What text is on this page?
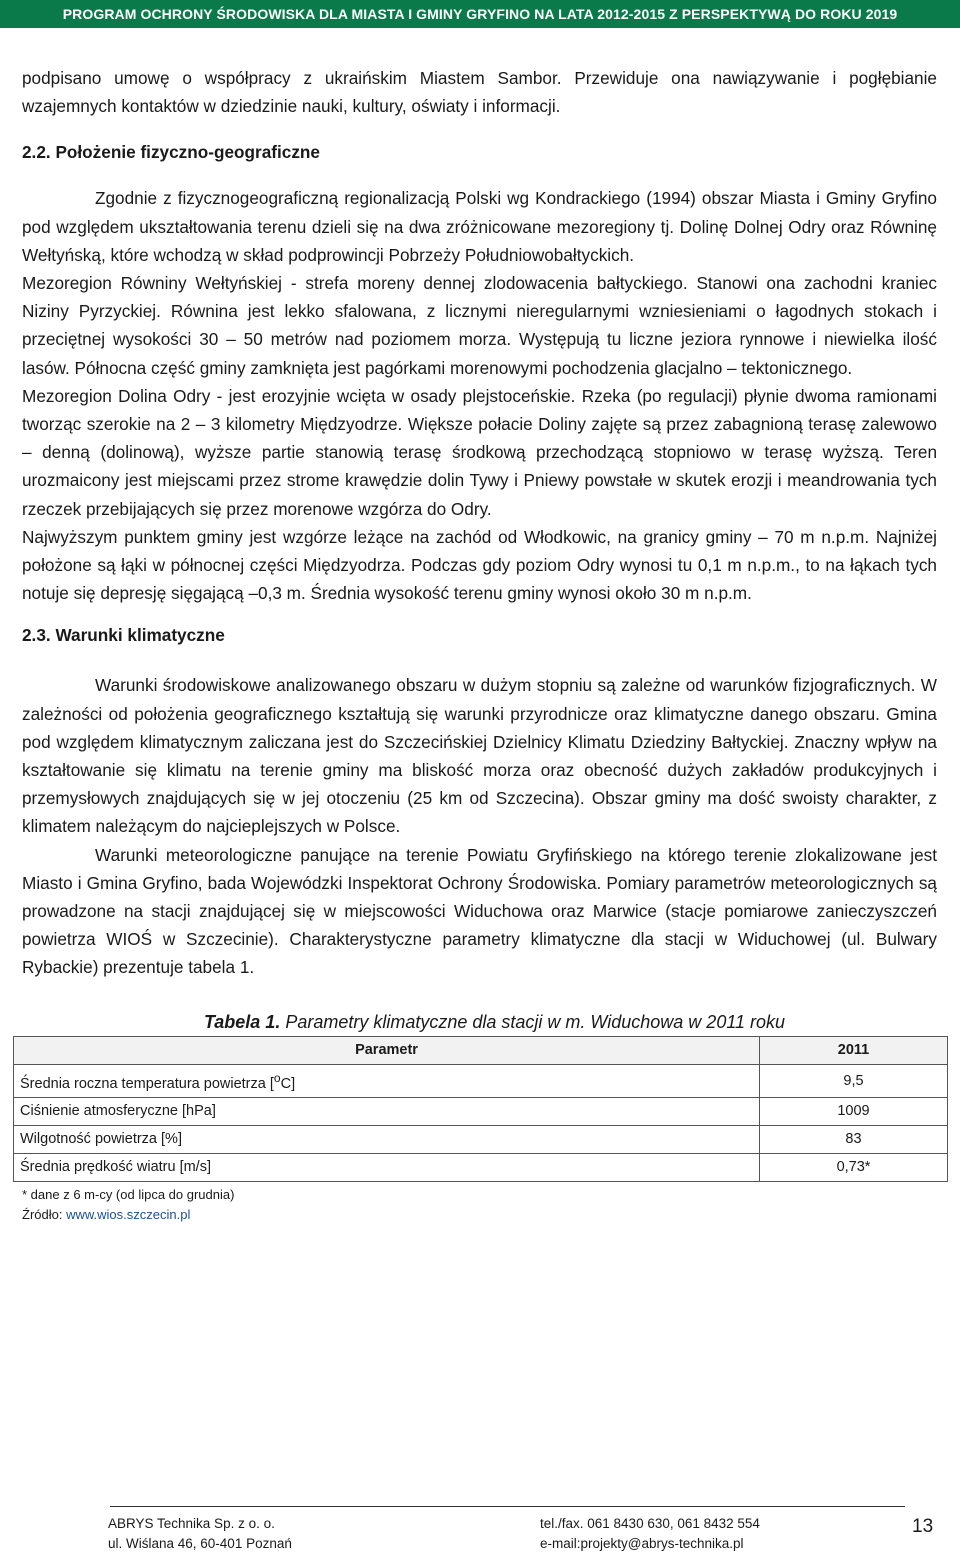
PROGRAM OCHRONY ŚRODOWISKA DLA MIASTA I GMINY GRYFINO NA LATA 2012-2015 Z PERSPEKTYWĄ DO ROKU 2019

podpisano umowę o współpracy z ukraińskim Miastem Sambor. Przewiduje ona nawiązywanie i pogłębianie wzajemnych kontaktów w dziedzinie nauki, kultury, oświaty i informacji.

2.2. Położenie fizyczno-geograficzne

Zgodnie z fizycznogeograficzną regionalizacją Polski wg Kondrackiego (1994) obszar Miasta i Gminy Gryfino pod względem ukształtowania terenu dzieli się na dwa zróżnicowane mezoregiony tj. Dolinę Dolnej Odry oraz Równinę Wełtyńską, które wchodzą w skład podprowincji Pobrzeży Południowobałtyckich.

Mezoregion Równiny Wełtyńskiej - strefa moreny dennej zlodowacenia bałtyckiego. Stanowi ona zachodni kraniec Niziny Pyrzyckiej. Równina jest lekko sfalowana, z licznymi nieregularnymi wzniesieniami o łagodnych stokach i przeciętnej wysokości 30 – 50 metrów nad poziomem morza. Występują tu liczne jeziora rynnowe i niewielka ilość lasów. Północna część gminy zamknięta jest pagórkami morenowymi pochodzenia glacjalno – tektonicznego.

Mezoregion Dolina Odry - jest erozyjnie wcięta w osady plejstoceńskie. Rzeka (po regulacji) płynie dwoma ramionami tworząc szerokie na 2 – 3 kilometry Międzyodrze. Większe połacie Doliny zajęte są przez zabagnioną terasę zalewowo – denną (dolinową), wyższe partie stanowią terasę środkową przechodzącą stopniowo w terasę wyższą. Teren urozmaicony jest miejscami przez strome krawędzie dolin Tywy i Pniewy powstałe w skutek erozji i meandrowania tych rzeczek przebijających się przez morenowe wzgórza do Odry.

Najwyższym punktem gminy jest wzgórze leżące na zachód od Włodkowic, na granicy gminy – 70 m n.p.m. Najniżej położone są łąki w północnej części Międzyodrza. Podczas gdy poziom Odry wynosi tu 0,1 m n.p.m., to na łąkach tych notuje się depresję sięgającą –0,3 m. Średnia wysokość terenu gminy wynosi około 30 m n.p.m.

2.3. Warunki klimatyczne

Warunki środowiskowe analizowanego obszaru w dużym stopniu są zależne od warunków fizjograficznych. W zależności od położenia geograficznego kształtują się warunki przyrodnicze oraz klimatyczne danego obszaru. Gmina pod względem klimatycznym zaliczana jest do Szczecińskiej Dzielnicy Klimatu Dziedziny Bałtyckiej. Znaczny wpływ na kształtowanie się klimatu na terenie gminy ma bliskość morza oraz obecność dużych zakładów produkcyjnych i przemysłowych znajdujących się w jej otoczeniu (25 km od Szczecina). Obszar gminy ma dość swoisty charakter, z klimatem należącym do najcieplejszych w Polsce.

Warunki meteorologiczne panujące na terenie Powiatu Gryfińskiego na którego terenie zlokalizowane jest Miasto i Gmina Gryfino, bada Wojewódzki Inspektorat Ochrony Środowiska. Pomiary parametrów meteorologicznych są prowadzone na stacji znajdującej się w miejscowości Widuchowa oraz Marwice (stacje pomiarowe zanieczyszczeń powietrza WIOŚ w Szczecinie). Charakterystyczne parametry klimatyczne dla stacji w Widuchowej (ul. Bulwary Rybackie) prezentuje tabela 1.

Tabela 1. Parametry klimatyczne dla stacji w m. Widuchowa w 2011 roku
Parametr	2011
Średnia roczna temperatura powietrza [$^o$C]	9,5
Ciśnienie atmosferyczne [hPa]	1009
Wilgotność powietrza [%]	83
Średnia prędkość wiatru [m/s]	0,73*
* dane z 6 m-cy (od lipca do grudnia)
Źródło: www.wios.szczecin.pl
ABRYS Technika Sp. z o. o.
ul. Wiślana 46, 60-401 Poznań
tel./fax. 061 8430 630, 061 8432 554
e-mail:projekty@abrys-technika.pl
13
